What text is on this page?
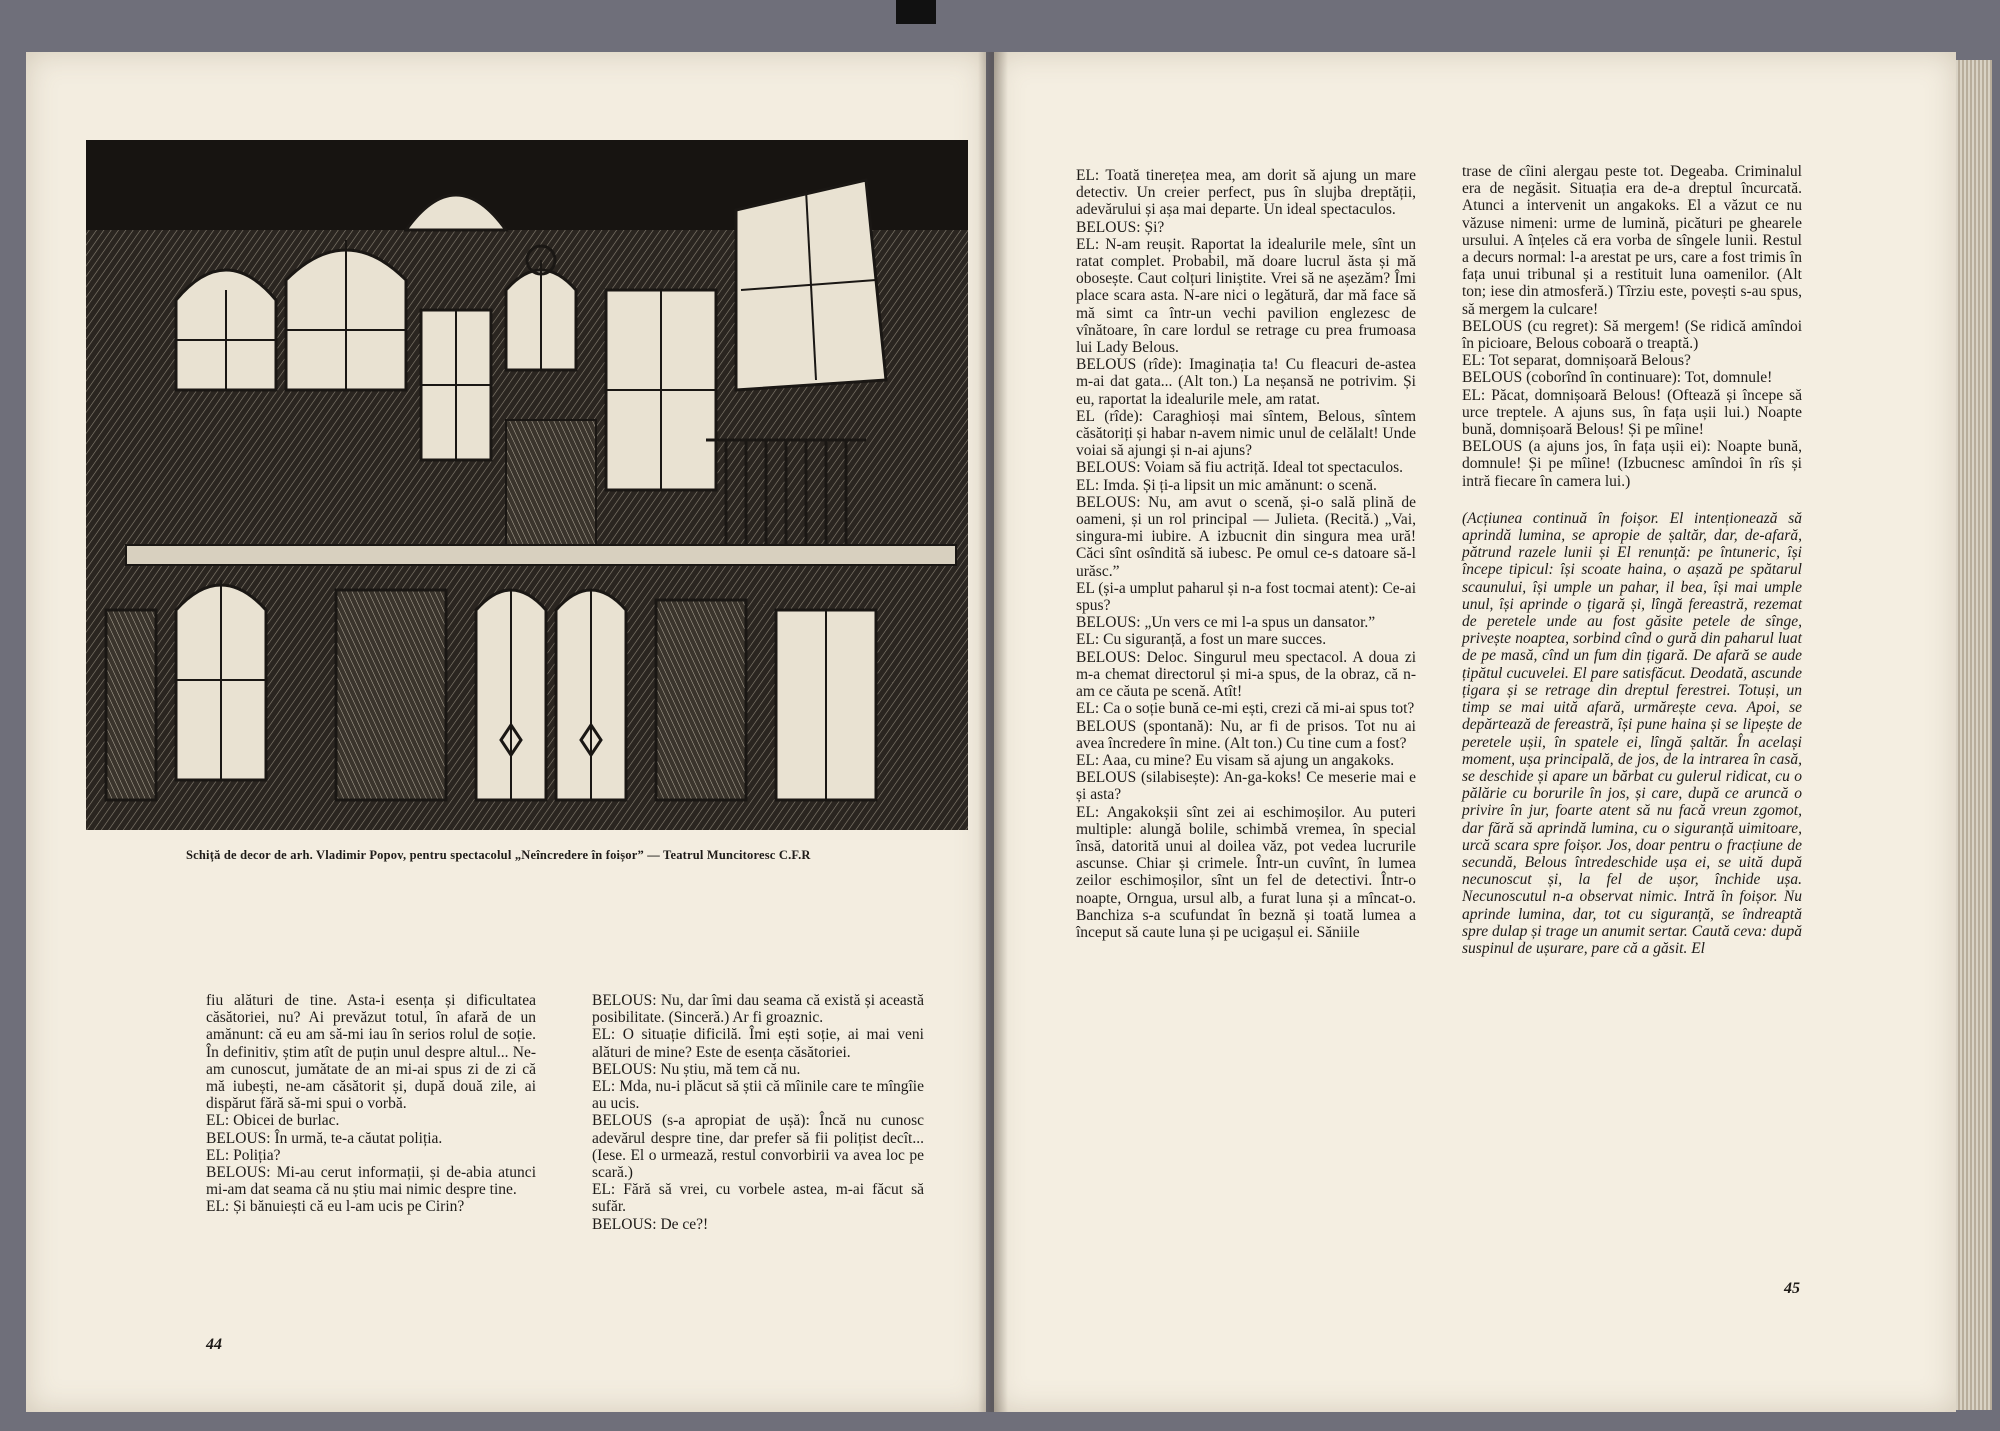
Schiță de decor de arh. Vladimir Popov, pentru spectacolul „Neîncredere în foișor” — Teatrul Muncitoresc C.F.R

fiu alături de tine. Asta-i esența și dificultatea căsătoriei, nu? Ai prevăzut totul, în afară de un amănunt: că eu am să-mi iau în serios rolul de soție. În definitiv, știm atît de puțin unul despre altul... Ne-am cunoscut, jumătate de an mi-ai spus zi de zi că mă iubești, ne-am căsătorit și, după două zile, ai dispărut fără să-mi spui o vorbă.

EL: Obicei de burlac.

BELOUS: În urmă, te-a căutat poliția.

EL: Poliția?

BELOUS: Mi-au cerut informații, și de-abia atunci mi-am dat seama că nu știu mai nimic despre tine.

EL: Și bănuiești că eu l-am ucis pe Cirin?

BELOUS: Nu, dar îmi dau seama că există și această posibilitate. (Sinceră.) Ar fi groaznic.

EL: O situație dificilă. Îmi ești soție, ai mai veni alături de mine? Este de esența căsătoriei.

BELOUS: Nu știu, mă tem că nu.

EL: Mda, nu-i plăcut să știi că mîinile care te mîngîie au ucis.

BELOUS (s-a apropiat de ușă): Încă nu cunosc adevărul despre tine, dar prefer să fii polițist decît... (Iese. El o urmează, restul convorbirii va avea loc pe scară.)

EL: Fără să vrei, cu vorbele astea, m-ai făcut să sufăr.

BELOUS: De ce?!

44

EL: Toată tinerețea mea, am dorit să ajung un mare detectiv. Un creier perfect, pus în slujba dreptății, adevărului și așa mai departe. Un ideal spectaculos.

BELOUS: Și?

EL: N-am reușit. Raportat la idealurile mele, sînt un ratat complet. Probabil, mă doare lucrul ăsta și mă obosește. Caut colțuri liniștite. Vrei să ne așezăm? Îmi place scara asta. N-are nici o legătură, dar mă face să mă simt ca într-un vechi pavilion englezesc de vînătoare, în care lordul se retrage cu prea frumoasa lui Lady Belous.

BELOUS (rîde): Imaginația ta! Cu fleacuri de-astea m-ai dat gata... (Alt ton.) La neșansă ne potrivim. Și eu, raportat la idealurile mele, am ratat.

EL (rîde): Caraghioși mai sîntem, Belous, sîntem căsătoriți și habar n-avem nimic unul de celălalt! Unde voiai să ajungi și n-ai ajuns?

BELOUS: Voiam să fiu actriță. Ideal tot spectaculos.

EL: Imda. Și ți-a lipsit un mic amănunt: o scenă.

BELOUS: Nu, am avut o scenă, și-o sală plină de oameni, și un rol principal — Julieta. (Recită.) „Vai, singura-mi iubire. A izbucnit din singura mea ură! Căci sînt osîndită să iubesc. Pe omul ce-s datoare să-l urăsc.”

EL (și-a umplut paharul și n-a fost tocmai atent): Ce-ai spus?

BELOUS: „Un vers ce mi l-a spus un dansator.”

EL: Cu siguranță, a fost un mare succes.

BELOUS: Deloc. Singurul meu spectacol. A doua zi m-a chemat directorul și mi-a spus, de la obraz, că n-am ce căuta pe scenă. Atît!

EL: Ca o soție bună ce-mi ești, crezi că mi-ai spus tot?

BELOUS (spontană): Nu, ar fi de prisos. Tot nu ai avea încredere în mine. (Alt ton.) Cu tine cum a fost?

EL: Aaa, cu mine? Eu visam să ajung un angakoks.

BELOUS (silabisește): An-ga-koks! Ce meserie mai e și asta?

EL: Angakokșii sînt zei ai eschimoșilor. Au puteri multiple: alungă bolile, schimbă vremea, în special însă, datorită unui al doilea văz, pot vedea lucrurile ascunse. Chiar și crimele. Într-un cuvînt, în lumea zeilor eschimoșilor, sînt un fel de detectivi. Într-o noapte, Orngua, ursul alb, a furat luna și a mîncat-o. Banchiza s-a scufundat în beznă și toată lumea a început să caute luna și pe ucigașul ei. Săniile

trase de cîini alergau peste tot. Degeaba. Criminalul era de negăsit. Situația era de-a dreptul încurcată. Atunci a intervenit un angakoks. El a văzut ce nu văzuse nimeni: urme de lumină, picături pe ghearele ursului. A înțeles că era vorba de sîngele lunii. Restul a decurs normal: l-a arestat pe urs, care a fost trimis în fața unui tribunal și a restituit luna oamenilor. (Alt ton; iese din atmosferă.) Tîrziu este, povești s-au spus, să mergem la culcare!

BELOUS (cu regret): Să mergem! (Se ridică amîndoi în picioare, Belous coboară o treaptă.)

EL: Tot separat, domnișoară Belous?

BELOUS (coborînd în continuare): Tot, domnule!

EL: Păcat, domnișoară Belous! (Oftează și începe să urce treptele. A ajuns sus, în fața ușii lui.) Noapte bună, domnișoară Belous! Și pe mîine!

BELOUS (a ajuns jos, în fața ușii ei): Noapte bună, domnule! Și pe mîine! (Izbucnesc amîndoi în rîs și intră fiecare în camera lui.)

(Acțiunea continuă în foișor. El intenționează să aprindă lumina, se apropie de șaltăr, dar, de-afară, pătrund razele lunii și El renunță: pe întuneric, își începe tipicul: își scoate haina, o așază pe spătarul scaunului, își umple un pahar, il bea, își mai umple unul, își aprinde o țigară și, lîngă fereastră, rezemat de peretele unde au fost găsite petele de sînge, privește noaptea, sorbind cînd o gură din paharul luat de pe masă, cînd un fum din țigară. De afară se aude țipătul cucuvelei. El pare satisfăcut. Deodată, ascunde țigara și se retrage din dreptul ferestrei. Totuși, un timp se mai uită afară, urmărește ceva. Apoi, se depărtează de fereastră, își pune haina și se lipește de peretele ușii, în spatele ei, lîngă șaltăr. În același moment, ușa principală, de jos, de la intrarea în casă, se deschide și apare un bărbat cu gulerul ridicat, cu o pălărie cu borurile în jos, și care, după ce aruncă o privire în jur, foarte atent să nu facă vreun zgomot, dar fără să aprindă lumina, cu o siguranță uimitoare, urcă scara spre foișor. Jos, doar pentru o fracțiune de secundă, Belous întredeschide ușa ei, se uită după necunoscut și, la fel de ușor, închide ușa. Necunoscutul n-a observat nimic. Intră în foișor. Nu aprinde lumina, dar, tot cu siguranță, se îndreaptă spre dulap și trage un anumit sertar. Caută ceva: după suspinul de ușurare, pare că a găsit. El

45
